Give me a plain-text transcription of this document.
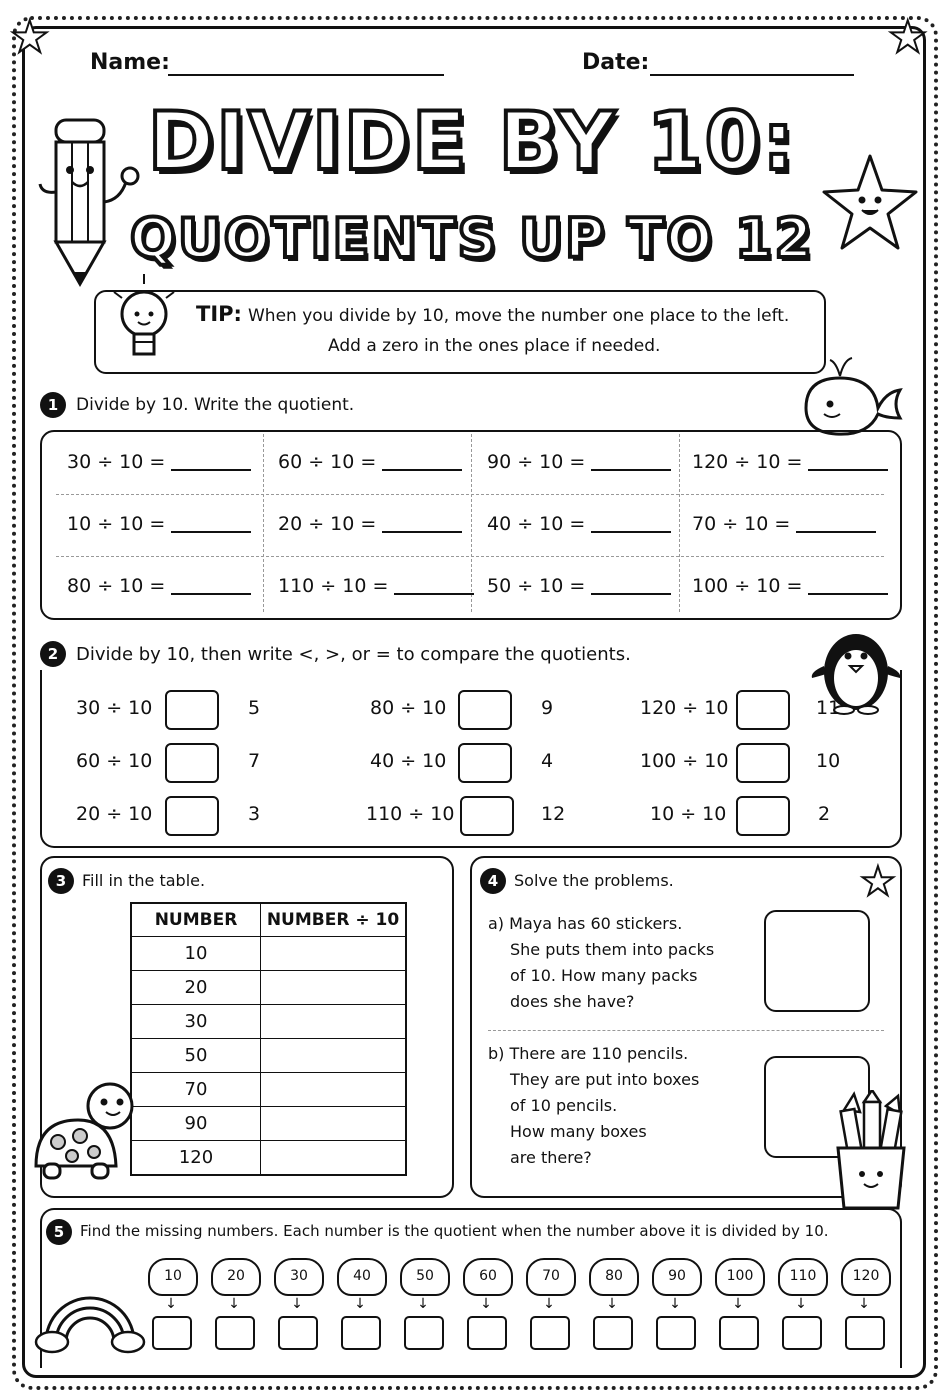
★	★
Name:	Date:
DIVIDE BY 10:
QUOTIENTS UP TO 12
TIP: When you divide by 10, move the number one place to the left.
Add a zero in the ones place if needed.
1	Divide by 10. Write the quotient.
30 ÷ 10 =	60 ÷ 10 =	90 ÷ 10 =	120 ÷ 10 =
10 ÷ 10 =	20 ÷ 10 =	40 ÷ 10 =	70 ÷ 10 =
80 ÷ 10 =	110 ÷ 10 =	50 ÷ 10 =	100 ÷ 10 =
2 Divide by 10, then write <, >, or = to compare the quotients.
30 ÷ 10	5	80 ÷ 10	9	120 ÷ 10	11
60 ÷ 10	7	40 ÷ 10	4	100 ÷ 10	10
20 ÷ 10	3	110 ÷ 10	12	10 ÷ 10	2
3 Fill in the table.
NUMBER	NUMBER ÷ 10
10	
20	
30	
50	
70	
90	
120	
4 Solve the problems.	★
a) Maya has 60 stickers.
She puts them into packs
of 10. How many packs
does she have?
b) There are 110 pencils.
They are put into boxes
of 10 pencils.
How many boxes
are there?
5	Find the missing numbers. Each number is the quotient when the number above it is divided by 10.
10	20	30	40	50	60	70	80	90	100	110	120
↓	↓	↓	↓	↓	↓	↓	↓	↓	↓	↓	↓
